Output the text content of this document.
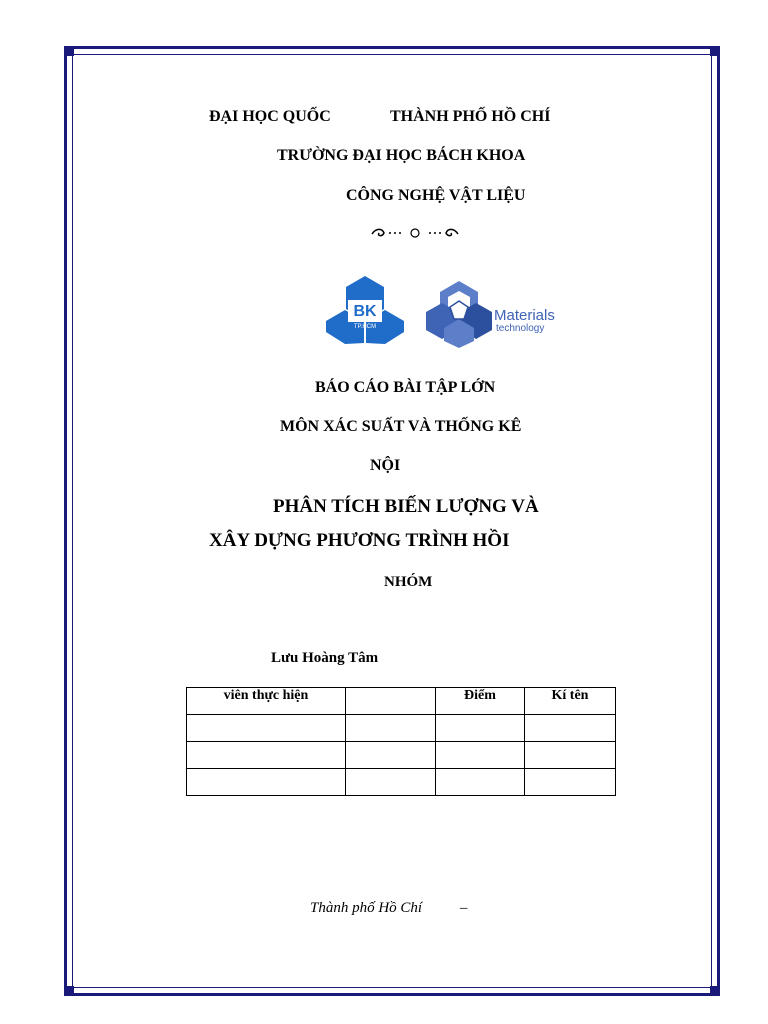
ĐẠI HỌC QUỐC	THÀNH PHỐ HỒ CHÍ
TRƯỜNG ĐẠI HỌC BÁCH KHOA
CÔNG NGHỆ VẬT LIỆU
BK
TP.HCM
Materials
technology
BÁO CÁO BÀI TẬP LỚN
MÔN XÁC SUẤT VÀ THỐNG KÊ
NỘI
PHÂN TÍCH BIẾN LƯỢNG VÀ
XÂY DỰNG PHƯƠNG TRÌNH HỒI
NHÓM
Lưu Hoàng Tâm
viên thực hiện		Điểm	Kí tên

Thành phố Hồ Chí	–
